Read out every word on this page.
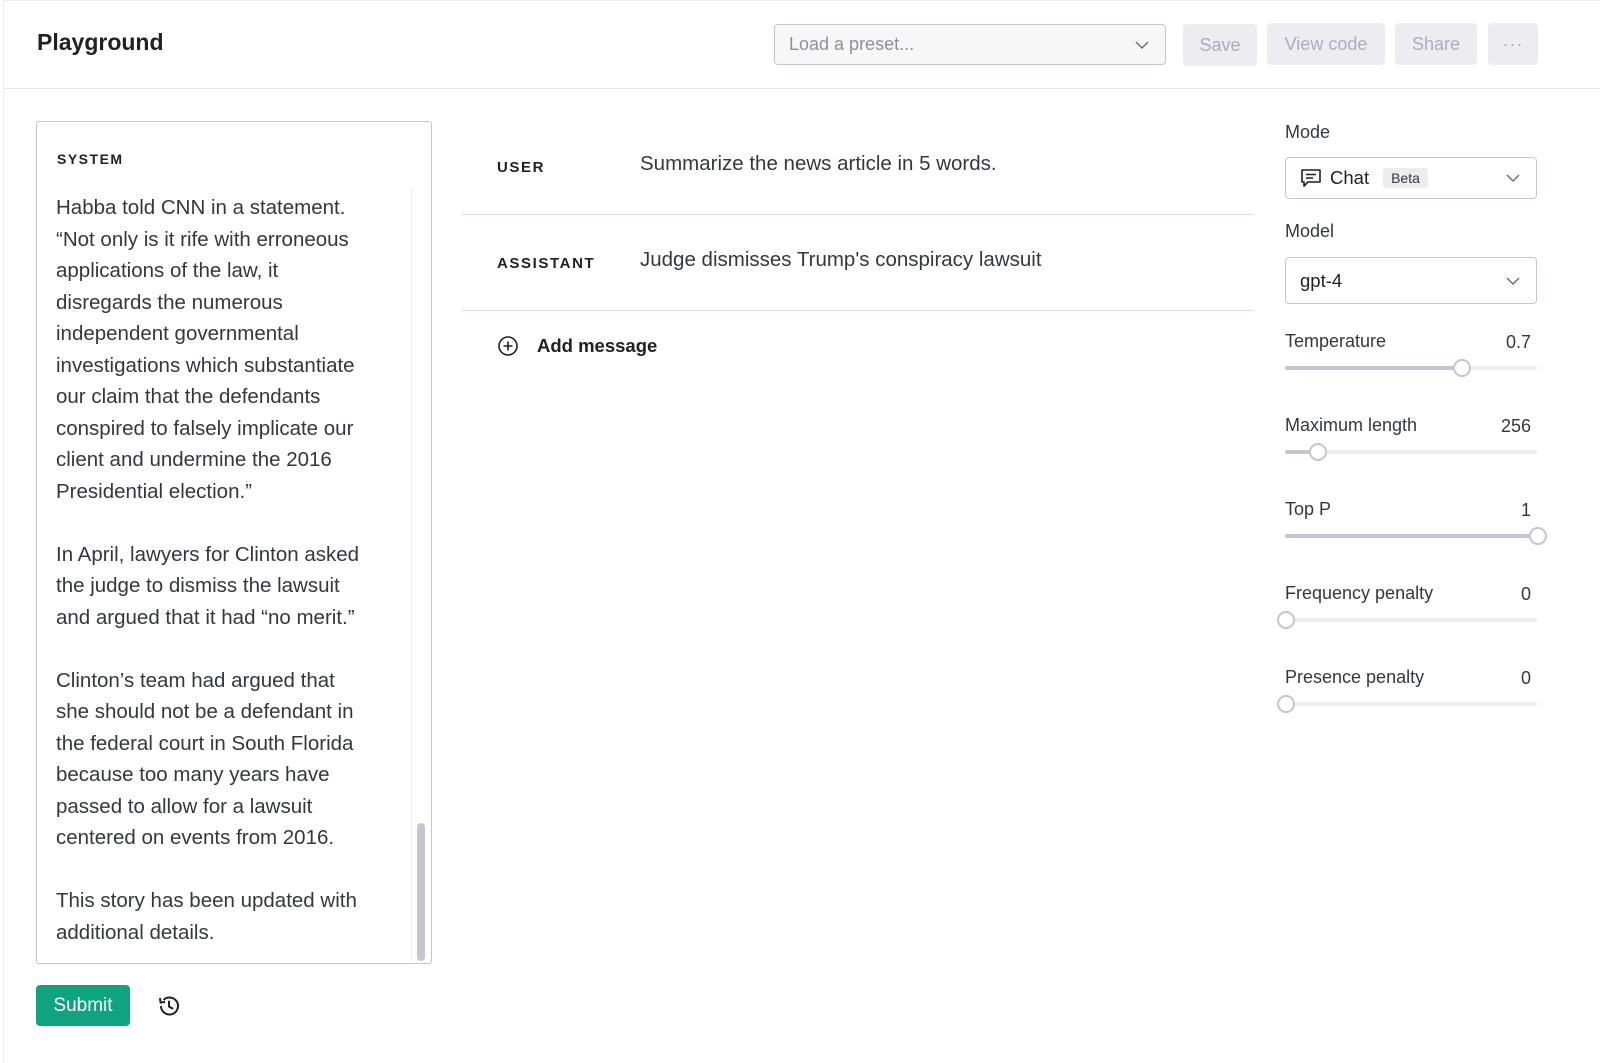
Playground	Load a preset...	Save	View code	Share	···
SYSTEM
Habba told CNN in a statement.
“Not only is it rife with erroneous
applications of the law, it
disregards the numerous
independent governmental
investigations which substantiate
our claim that the defendants
conspired to falsely implicate our
client and undermine the 2016
Presidential election.”

In April, lawyers for Clinton asked
the judge to dismiss the lawsuit
and argued that it had “no merit.”

Clinton’s team had argued that
she should not be a defendant in
the federal court in South Florida
because too many years have
passed to allow for a lawsuit
centered on events from 2016.

This story has been updated with
additional details.
Submit
USER	Summarize the news article in 5 words.
ASSISTANT Judge dismisses Trump's conspiracy lawsuit
Add message
Mode
Chat	Beta
Model
gpt-4
Temperature	0.7
Maximum length	256
Top P	1
Frequency penalty	0
Presence penalty	0
